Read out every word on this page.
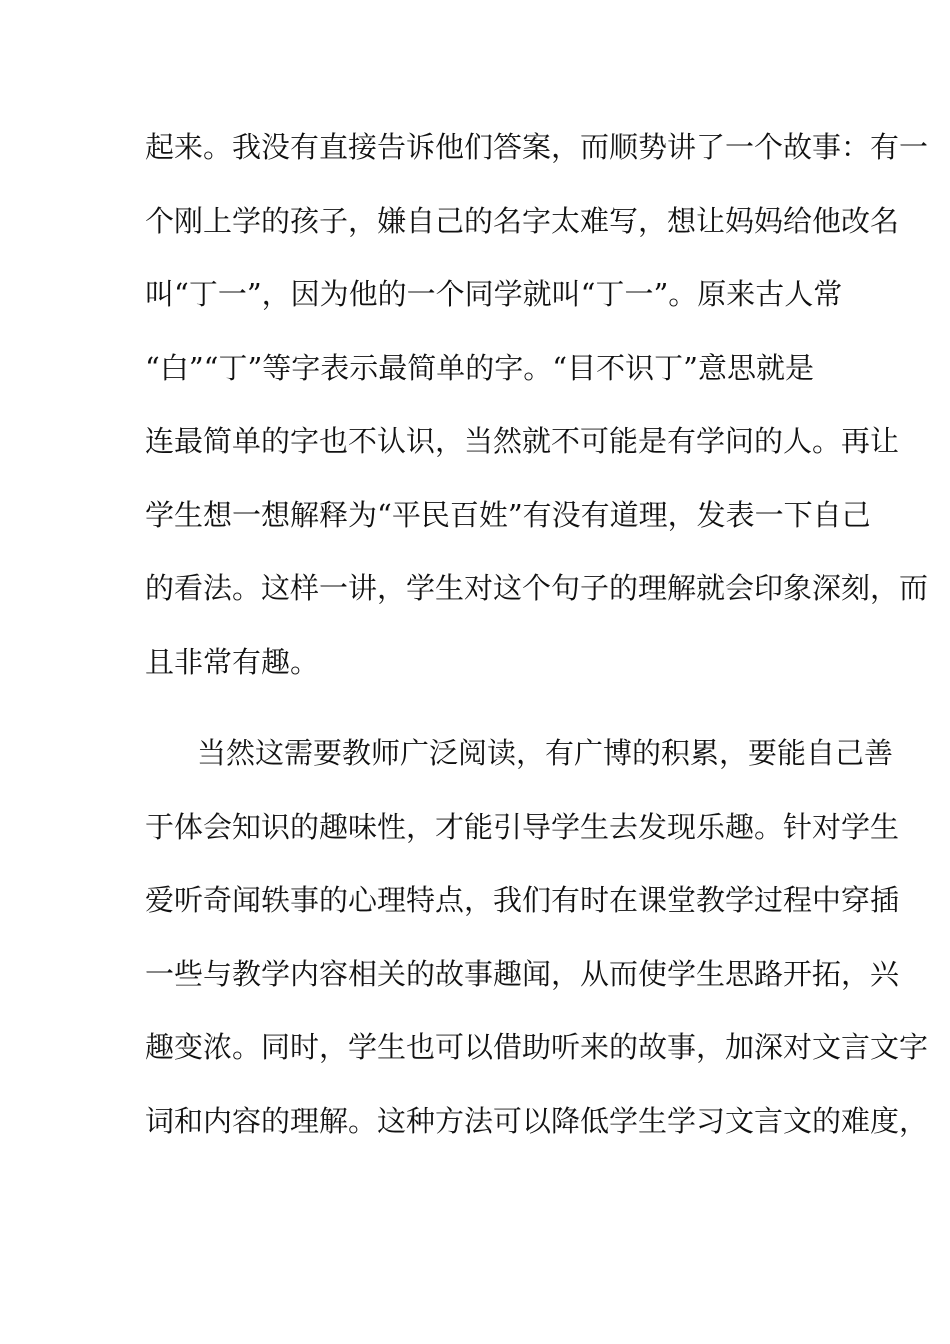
起来。我没有直接告诉他们答案，而顺势讲了一个故事：有一
个刚上学的孩子，嫌自己的名字太难写，想让妈妈给他改名
叫“丁一”，因为他的一个同学就叫“丁一”。原来古人常
“白”“丁”等字表示最简单的字。“目不识丁”意思就是
连最简单的字也不认识，当然就不可能是有学问的人。再让
学生想一想解释为“平民百姓”有没有道理，发表一下自己
的看法。这样一讲，学生对这个句子的理解就会印象深刻，而
且非常有趣。
当然这需要教师广泛阅读，有广博的积累，要能自己善
于体会知识的趣味性，才能引导学生去发现乐趣。针对学生
爱听奇闻轶事的心理特点，我们有时在课堂教学过程中穿插
一些与教学内容相关的故事趣闻，从而使学生思路开拓，兴
趣变浓。同时，学生也可以借助听来的故事，加深对文言文字
词和内容的理解。这种方法可以降低学生学习文言文的难度，
